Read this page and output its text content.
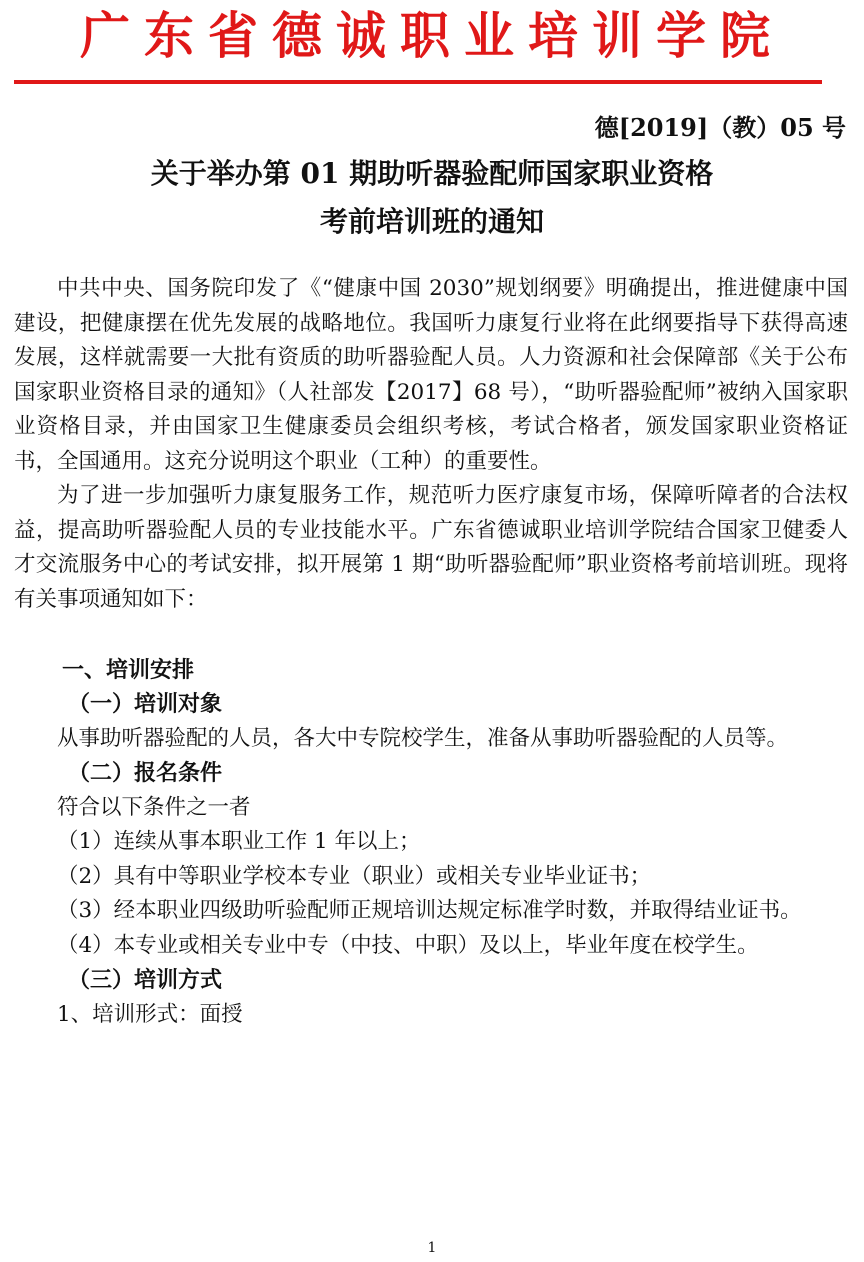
广东省德诚职业培训学院
德[2019]（教）05 号
关于举办第 01 期助听器验配师国家职业资格
考前培训班的通知

中共中央、国务院印发了《“健康中国 2030”规划纲要》明确提出，推进健康中国建设，把健康摆在优先发展的战略地位。我国听力康复行业将在此纲要指导下获得高速发展，这样就需要一大批有资质的助听器验配人员。人力资源和社会保障部《关于公布国家职业资格目录的通知》（人社部发【2017】68 号），“助听器验配师”被纳入国家职业资格目录，并由国家卫生健康委员会组织考核，考试合格者，颁发国家职业资格证书，全国通用。这充分说明这个职业（工种）的重要性。

为了进一步加强听力康复服务工作，规范听力医疗康复市场，保障听障者的合法权益，提高助听器验配人员的专业技能水平。广东省德诚职业培训学院结合国家卫健委人才交流服务中心的考试安排，拟开展第 1 期“助听器验配师”职业资格考前培训班。现将有关事项通知如下：

一、培训安排

（一）培训对象

从事助听器验配的人员，各大中专院校学生，准备从事助听器验配的人员等。

（二）报名条件

符合以下条件之一者

（1）连续从事本职业工作 1 年以上；

（2）具有中等职业学校本专业（职业）或相关专业毕业证书；

（3）经本职业四级助听验配师正规培训达规定标准学时数，并取得结业证书。

（4）本专业或相关专业中专（中技、中职）及以上，毕业年度在校学生。

（三）培训方式

1、培训形式：面授

1
